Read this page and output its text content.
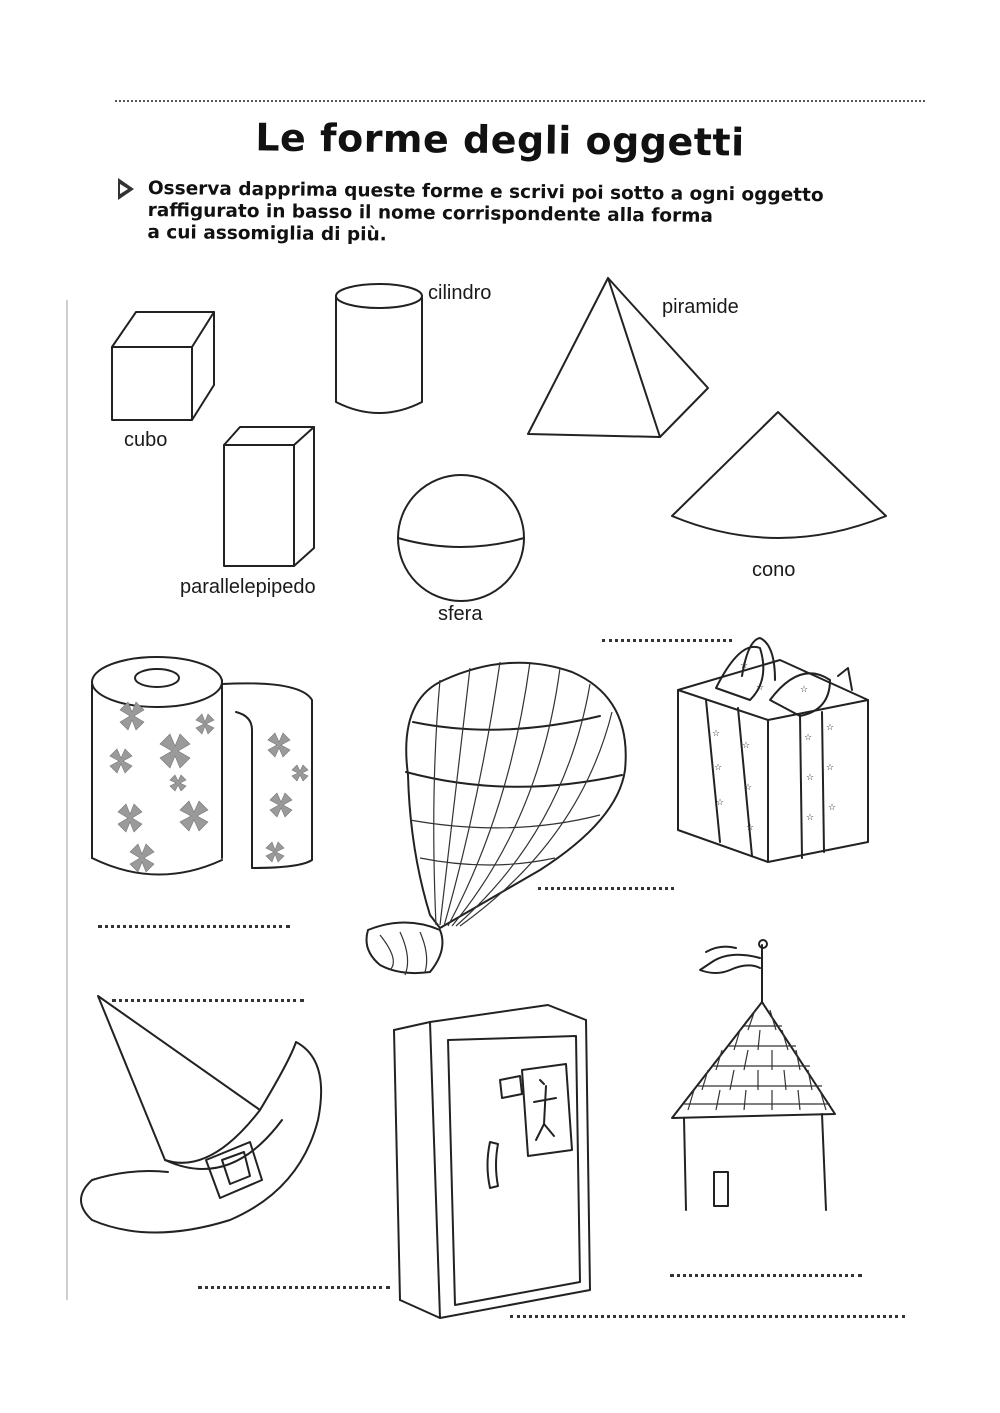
Le forme degli oggetti
Osserva dapprima queste forme e scrivi poi sotto a ogni oggetto
raffigurato in basso il nome corrispondente alla forma
a cui assomiglia di più.
☆
☆
☆
☆
☆
☆
☆
☆
☆
☆
☆
☆
☆
☆	☆
cubo
cilindro
piramide
parallelepipedo
sfera
cono
